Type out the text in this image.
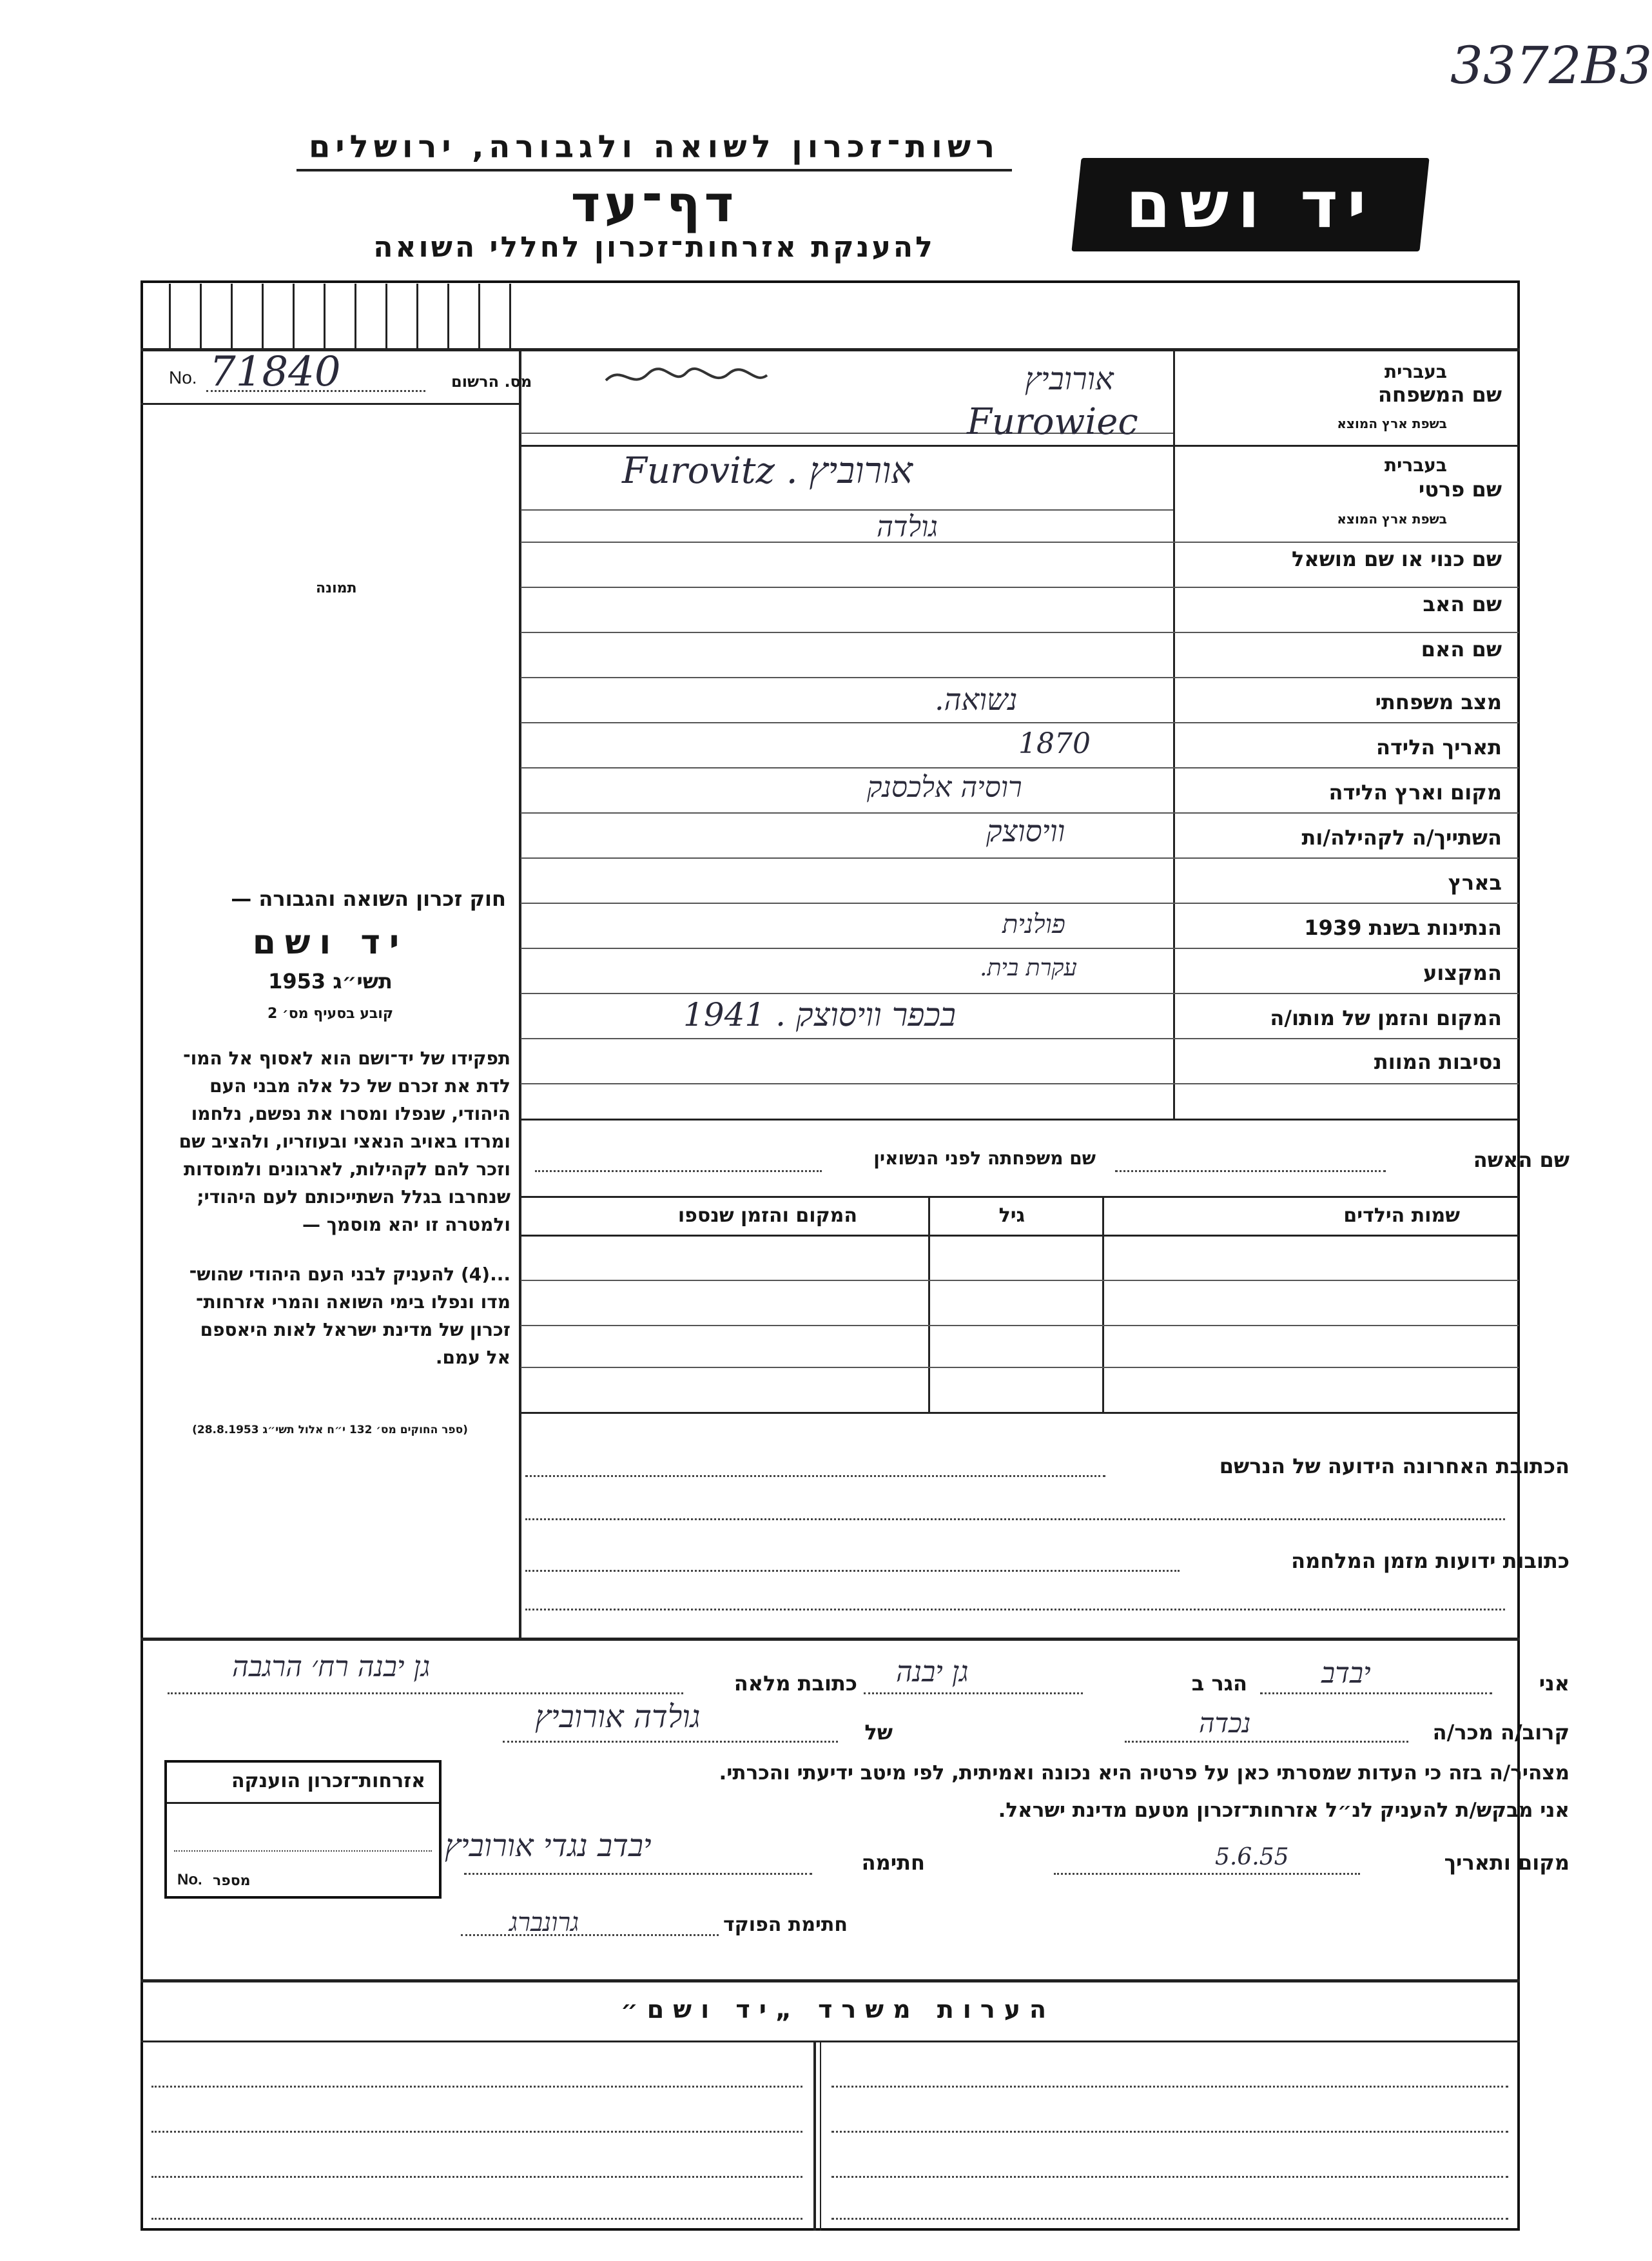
3372B3
רשות־זכרון לשואה ולגבורה, ירושלים
דף־עד
להענקת אזרחות־זכרון לחללי השואה
יד ושם
מס. הרשום
No. 71840
תמונה
חוק זכרון השואה והגבורה —
יד ושם
תשי״ג 1953
קובע בסעיף מס׳ 2
תפקידו של יד־ושם הוא לאסוף אל המו־
לדת את זכרם של כל אלה מבני העם
היהודי, שנפלו ומסרו את נפשם, נלחמו
ומרדו באויב הנאצי ובעוזריו, ולהציב שם
וזכר להם לקהילות, לארגונים ולמוסדות
שנחרבו בגלל השתייכותם לעם היהודי;
ולמטרה זו יהא מוסמך —
...(4) להעניק לבני העם היהודי שהוש־
מדו ונפלו בימי השואה והמרי אזרחות־
זכרון של מדינת ישראל לאות היאספם
אל עמם.
(ספר החוקים מס׳ 132 י״ח אלול תשי״ג 28.8.1953)
שם המשפחה
בעברית
בשפת ארץ המוצא
אורוביץ
Furowiec
שם פרטי
בעברית
בשפת ארץ המוצא
Furovitz . אורוביץ
גולדה
שם כנוי או שם מושאל
שם האב
שם האם
מצב משפחתי
נשואה.
תאריך הלידה
1870
מקום וארץ הלידה
רוסיה אלכסנק
השתייך/ה לקהילה/ות
וויסוצק
בארץ
הנתינות בשנת 1939
פולנית
המקצוע
עקרת בית.
המקום והזמן של מותו/ה
בכפר וויסוצק . 1941
נסיבות המוות
שם האשה
שם משפחתה לפני הנשואין
שמות הילדים
גיל
המקום והזמן שנספו
הכתובת האחרונה הידועה של הנרשם
כתובות ידועות מזמן המלחמה
אני
יבדב
הגר ב
גן יבנה
כתובת מלאה
גן יבנה רח׳ הרגבה
קרוב/ה מכר/ה
נכדה
של
גולדה אורוביץ
מצהיר/ה בזה כי העדות שמסרתי כאן על פרטיה היא נכונה ואמיתית, לפי מיטב ידיעתי והכרתי.
אני מבקש/ת להעניק לנ״ל אזרחות־זכרון מטעם מדינת ישראל.
מקום ותאריך
5.6.55
חתימה
יבדב נגדי אורוביץ
חתימת הפוקד
גרונברג
אזרחות־זכרון הוענקה
מספר
No.
הערות משרד „יד ושם״
